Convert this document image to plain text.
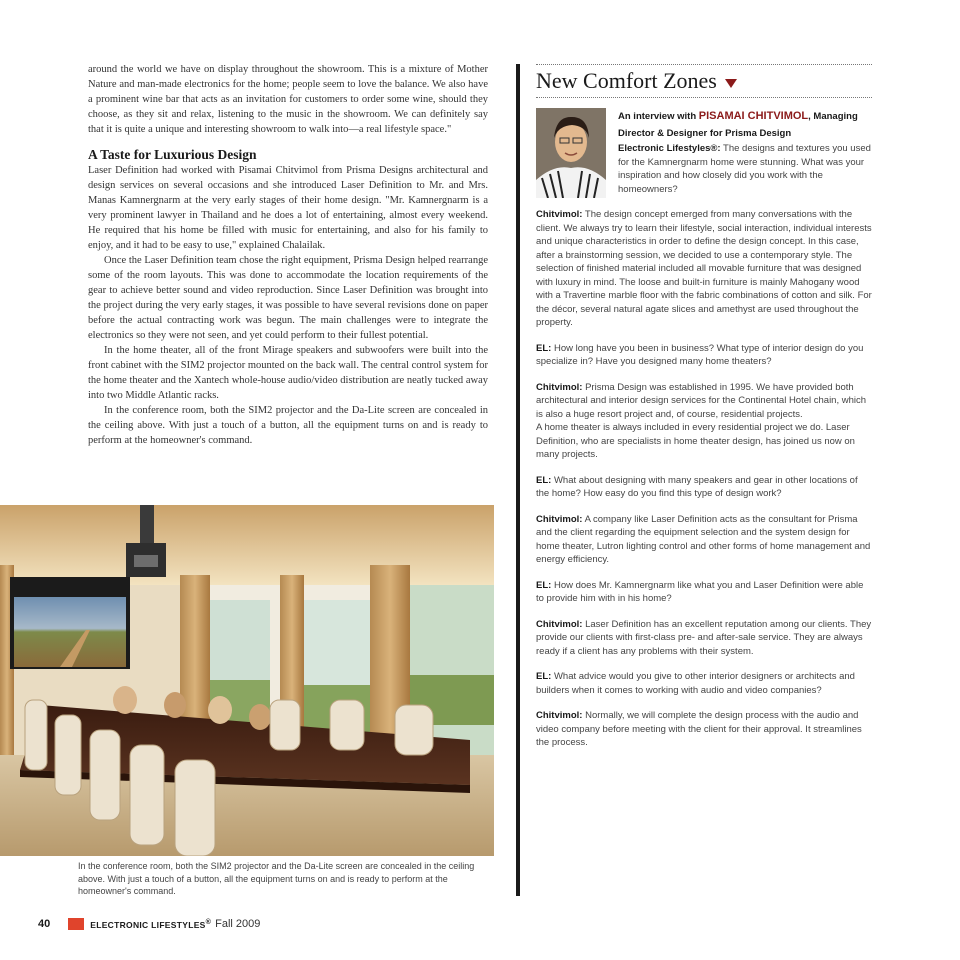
around the world we have on display throughout the showroom. This is a mixture of Mother Nature and man-made electronics for the home; people seem to love the balance. We also have a prominent wine bar that acts as an invitation for customers to order some wine, should they choose, as they sit and relax, listening to the music in the showroom. We can definitely say that it is quite a unique and interesting showroom to walk into—a real lifestyle space."

A Taste for Luxurious Design

Laser Definition had worked with Pisamai Chitvimol from Prisma Designs architectural and design services on several occasions and she introduced Laser Definition to Mr. and Mrs. Manas Kamnergnarm at the very early stages of their home design. "Mr. Kamnergnarm is a very prominent lawyer in Thailand and he does a lot of entertaining, almost every weekend. He required that his home be filled with music for entertaining, and also for his family to enjoy, and it had to be easy to use," explained Chalailak.

Once the Laser Definition team chose the right equipment, Prisma Design helped rearrange some of the room layouts. This was done to accommodate the location requirements of the gear to achieve better sound and video reproduction. Since Laser Definition was brought into the project during the very early stages, it was possible to have several revisions done on paper before the actual contracting work was begun. The main challenges were to integrate the electronics so they were not seen, and yet could perform to their fullest potential.

In the home theater, all of the front Mirage speakers and subwoofers were built into the front cabinet with the SIM2 projector mounted on the back wall. The central control system for the home theater and the Xantech whole-house audio/video distribution are neatly tucked away into two Middle Atlantic racks.

In the conference room, both the SIM2 projector and the Da-Lite screen are concealed in the ceiling above. With just a touch of a button, all the equipment turns on and is ready to perform at the homeowner's command.

In the conference room, both the SIM2 projector and the Da-Lite screen are concealed in the ceiling above. With just a touch of a button, all the equipment turns on and is ready to perform at the homeowner's command.
New Comfort Zones
An interview with PISAMAI CHITVIMOL, Managing Director & Designer for Prisma Design

Electronic Lifestyles®: The designs and textures you used for the Kamnergnarm home were stunning. What was your inspiration and how closely did you work with the homeowners?

Chitvimol: The design concept emerged from many conversations with the client. We always try to learn their lifestyle, social interaction, individual interests and unique characteristics in order to define the design concept. In this case, after a brainstorming session, we decided to use a contemporary style. The selection of finished material included all movable furniture that was designed with luxury in mind. The loose and built-in furniture is mainly Mahogany wood with a Travertine marble floor with the fabric combinations of cotton and silk. For the décor, several natural agate slices and amethyst are used throughout the property.

EL: How long have you been in business? What type of interior design do you specialize in? Have you designed many home theaters?

Chitvimol: Prisma Design was established in 1995. We have provided both architectural and interior design services for the Continental Hotel chain, which is also a huge resort project and, of course, residential projects.
A home theater is always included in every residential project we do. Laser Definition, who are specialists in home theater design, has joined us now on many projects.

EL: What about designing with many speakers and gear in other locations of the home? How easy do you find this type of design work?

Chitvimol: A company like Laser Definition acts as the consultant for Prisma and the client regarding the equipment selection and the system design for home theater, Lutron lighting control and other forms of home management and energy efficiency.

EL: How does Mr. Kamnergnarm like what you and Laser Definition were able to provide him with in his home?

Chitvimol: Laser Definition has an excellent reputation among our clients. They provide our clients with first-class pre- and after-sale service. They are always ready if a client has any problems with their system.

EL: What advice would you give to other interior designers or architects and builders when it comes to working with audio and video companies?

Chitvimol: Normally, we will complete the design process with the audio and video company before meeting with the client for their approval. It streamlines the process.

40	ELECTRONIC LIFESTYLES® Fall 2009
